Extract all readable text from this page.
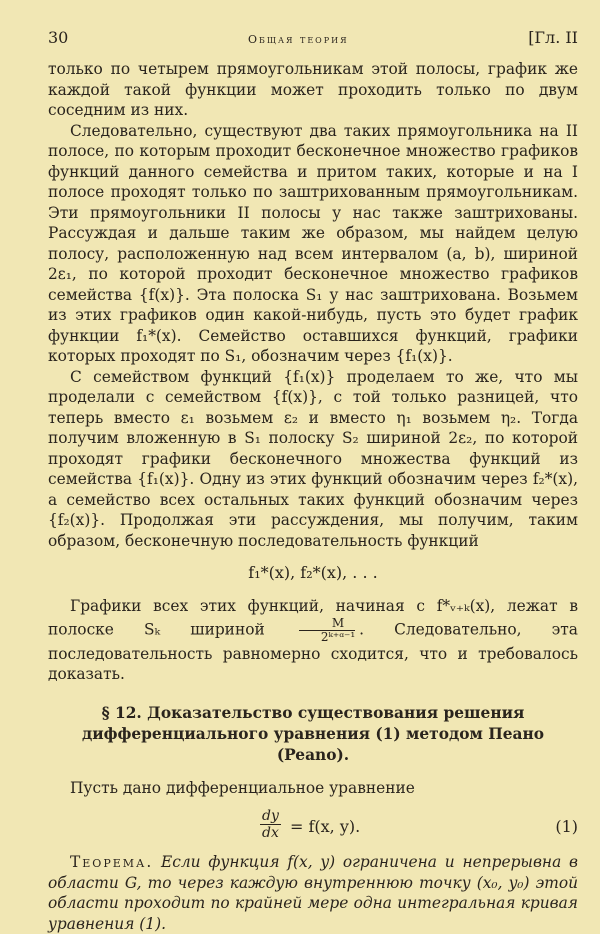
30	Общая теория	[Гл. II

только по четырем прямоугольникам этой полосы, график же каждой такой функции может проходить только по двум соседним из них.

Следовательно, существуют два таких прямоугольника на II полосе, по которым проходит бесконечное множество графиков функций данного семейства и притом таких, которые и на I полосе проходят только по заштрихованным прямоугольникам. Эти прямоугольники II полосы у нас также заштрихованы. Рассуждая и дальше таким же образом, мы найдем целую полосу, расположенную над всем интервалом (a, b), шириной 2ε₁, по которой проходит бесконечное множество графиков семейства {f(x)}. Эта полоска S₁ у нас заштрихована. Возьмем из этих графиков один какой-нибудь, пусть это будет график функции f₁*(x). Семейство оставшихся функций, графики которых проходят по S₁, обозначим через {f₁(x)}.

С семейством функций {f₁(x)} проделаем то же, что мы проделали с семейством {f(x)}, с той только разницей, что теперь вместо ε₁ возьмем ε₂ и вместо η₁ возьмем η₂. Тогда получим вложенную в S₁ полоску S₂ шириной 2ε₂, по которой проходят графики бесконечного множества функций из семейства {f₁(x)}. Одну из этих функций обозначим через f₂*(x), а семейство всех остальных таких функций обозначим через {f₂(x)}. Продолжая эти рассуждения, мы получим, таким образом, бесконечную последовательность функций

f₁*(x), f₂*(x), . . .

Графики всех этих функций, начиная с f*ᵥ₊ₖ(x), лежат в полоске Sₖ шириной	$\frac{M}{\text{2ᵏ⁺ᵅ⁻¹}}$ . Следовательно, эта последовательность равномерно сходится, что и требовалось доказать.

§ 12. Доказательство существования решения дифференциального уравнения (1) методом Пеано (Peano).

Пусть дано дифференциальное уравнение

$\frac{dy}{dx} = f(x$, y).	(1)

Теорема. Если функция f(x, y) ограничена и непрерывна в области G, то через каждую внутреннюю точку (x₀, y₀) этой области проходит по крайней мере одна интегральная кривая уравнения (1).
